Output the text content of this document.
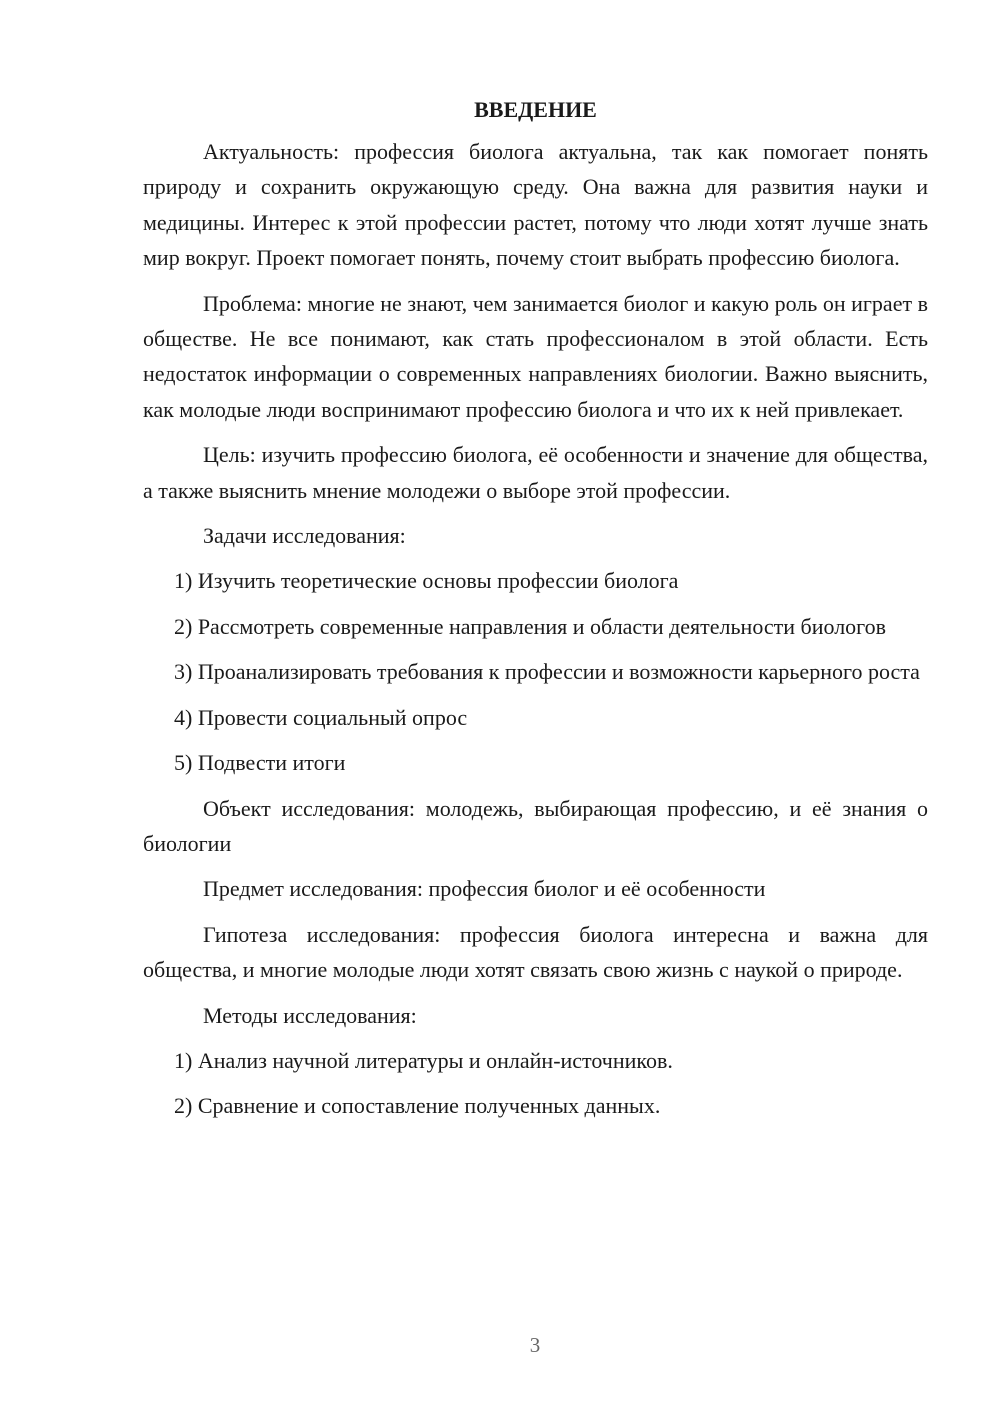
ВВЕДЕНИЕ

Актуальность: профессия биолога актуальна, так как помогает понять природу и сохранить окружающую среду. Она важна для развития науки и медицины. Интерес к этой профессии растет, потому что люди хотят лучше знать мир вокруг. Проект помогает понять, почему стоит выбрать профессию биолога.

Проблема: многие не знают, чем занимается биолог и какую роль он играет в обществе. Не все понимают, как стать профессионалом в этой области. Есть недостаток информации о современных направлениях биологии. Важно выяснить, как молодые люди воспринимают профессию биолога и что их к ней привлекает.

Цель: изучить профессию биолога, её особенности и значение для общества, а также выяснить мнение молодежи о выборе этой профессии.

Задачи исследования:

1) Изучить теоретические основы профессии биолога

2) Рассмотреть современные направления и области деятельности биологов

3) Проанализировать требования к профессии и возможности карьерного роста

4) Провести социальный опрос

5) Подвести итоги

Объект исследования: молодежь, выбирающая профессию, и её знания о биологии

Предмет исследования: профессия биолог и её особенности

Гипотеза исследования: профессия биолога интересна и важна для общества, и многие молодые люди хотят связать свою жизнь с наукой о природе.

Методы исследования:

1) Анализ научной литературы и онлайн-источников.

2) Сравнение и сопоставление полученных данных.

3
